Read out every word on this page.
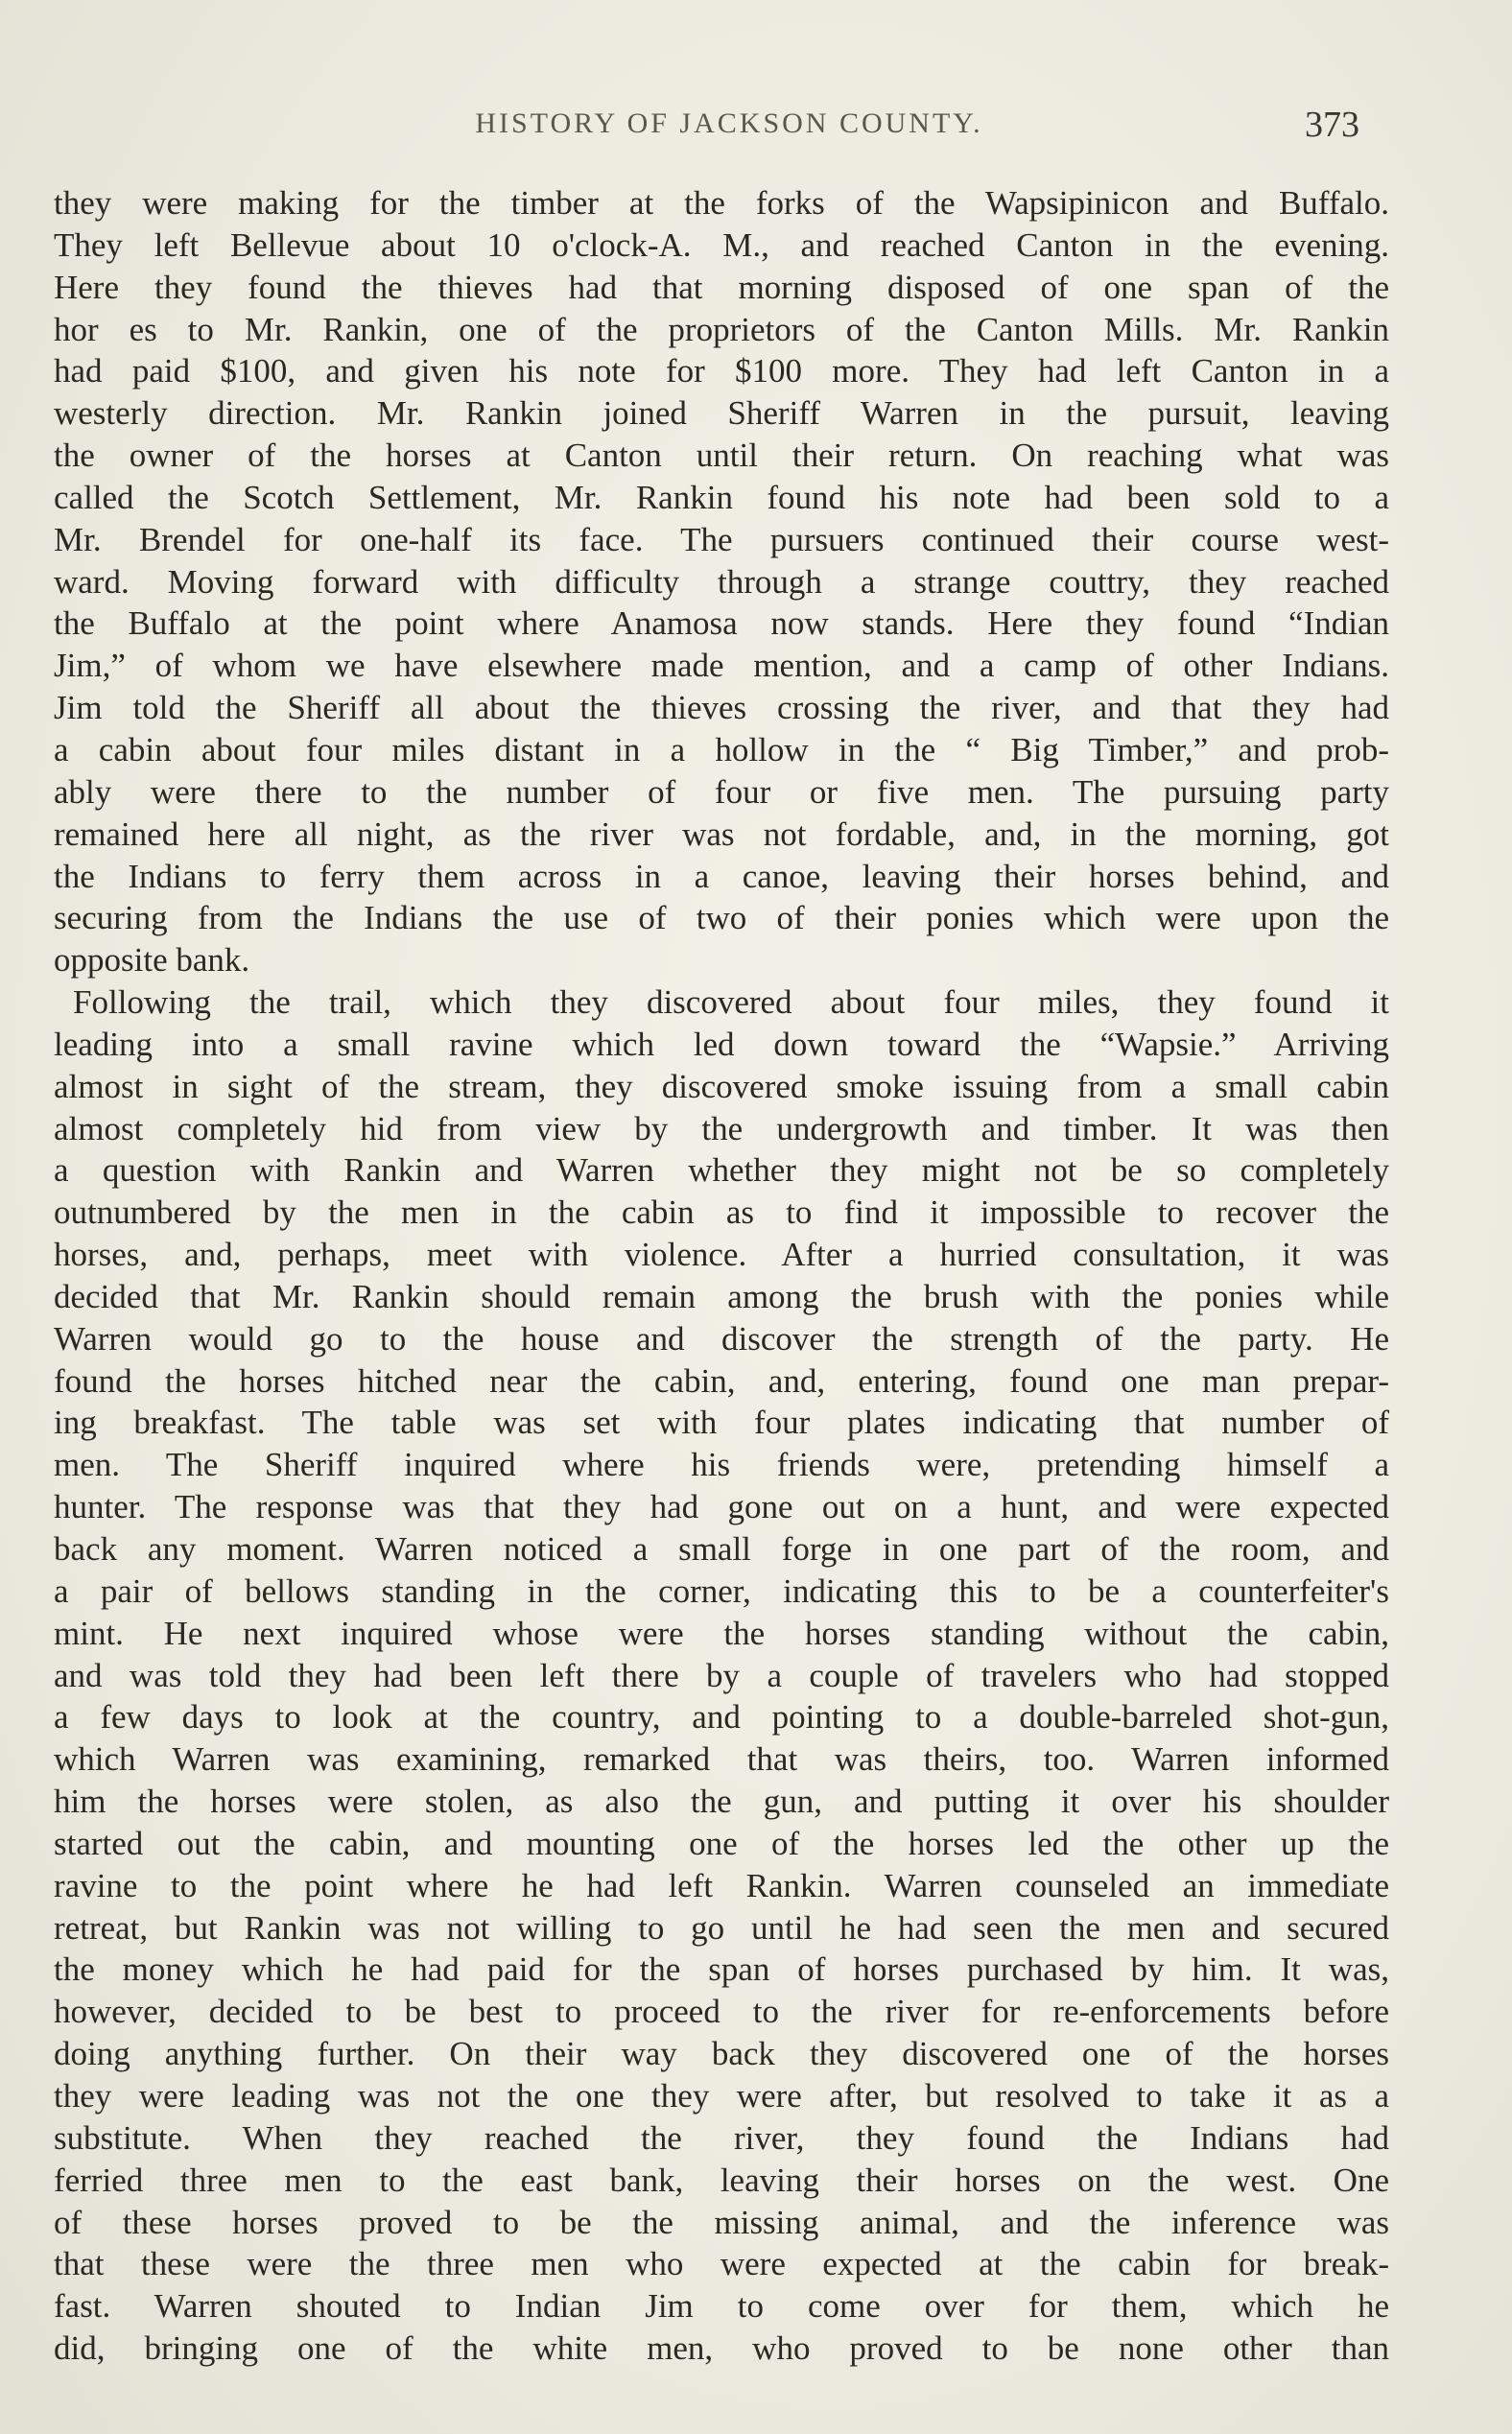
HISTORY OF JACKSON COUNTY.	373
they were making for the timber at the forks of the Wapsipinicon and Buffalo.
They left Bellevue about 10 o'clock-A. M., and reached Canton in the evening.
Here they found the thieves had that morning disposed of one span of the
hor es to Mr. Rankin, one of the proprietors of the Canton Mills. Mr. Rankin
had paid $100, and given his note for $100 more. They had left Canton in a
westerly direction. Mr. Rankin joined Sheriff Warren in the pursuit, leaving
the owner of the horses at Canton until their return. On reaching what was
called the Scotch Settlement, Mr. Rankin found his note had been sold to a
Mr. Brendel for one-half its face. The pursuers continued their course west-
ward. Moving forward with difficulty through a strange couttry, they reached
the Buffalo at the point where Anamosa now stands. Here they found “Indian
Jim,” of whom we have elsewhere made mention, and a camp of other Indians.
Jim told the Sheriff all about the thieves crossing the river, and that they had
a cabin about four miles distant in a hollow in the “ Big Timber,” and prob-
ably were there to the number of four or five men. The pursuing party
remained here all night, as the river was not fordable, and, in the morning, got
the Indians to ferry them across in a canoe, leaving their horses behind, and
securing from the Indians the use of two of their ponies which were upon the
opposite bank.
Following the trail, which they discovered about four miles, they found it
leading into a small ravine which led down toward the “Wapsie.” Arriving
almost in sight of the stream, they discovered smoke issuing from a small cabin
almost completely hid from view by the undergrowth and timber. It was then
a question with Rankin and Warren whether they might not be so completely
outnumbered by the men in the cabin as to find it impossible to recover the
horses, and, perhaps, meet with violence. After a hurried consultation, it was
decided that Mr. Rankin should remain among the brush with the ponies while
Warren would go to the house and discover the strength of the party. He
found the horses hitched near the cabin, and, entering, found one man prepar-
ing breakfast. The table was set with four plates indicating that number of
men. The Sheriff inquired where his friends were, pretending himself a
hunter. The response was that they had gone out on a hunt, and were expected
back any moment. Warren noticed a small forge in one part of the room, and
a pair of bellows standing in the corner, indicating this to be a counterfeiter's
mint. He next inquired whose were the horses standing without the cabin,
and was told they had been left there by a couple of travelers who had stopped
a few days to look at the country, and pointing to a double-barreled shot-gun,
which Warren was examining, remarked that was theirs, too. Warren informed
him the horses were stolen, as also the gun, and putting it over his shoulder
started out the cabin, and mounting one of the horses led the other up the
ravine to the point where he had left Rankin. Warren counseled an immediate
retreat, but Rankin was not willing to go until he had seen the men and secured
the money which he had paid for the span of horses purchased by him. It was,
however, decided to be best to proceed to the river for re-enforcements before
doing anything further. On their way back they discovered one of the horses
they were leading was not the one they were after, but resolved to take it as a
substitute. When they reached the river, they found the Indians had
ferried three men to the east bank, leaving their horses on the west. One
of these horses proved to be the missing animal, and the inference was
that these were the three men who were expected at the cabin for break-
fast. Warren shouted to Indian Jim to come over for them, which he
did, bringing one of the white men, who proved to be none other than
